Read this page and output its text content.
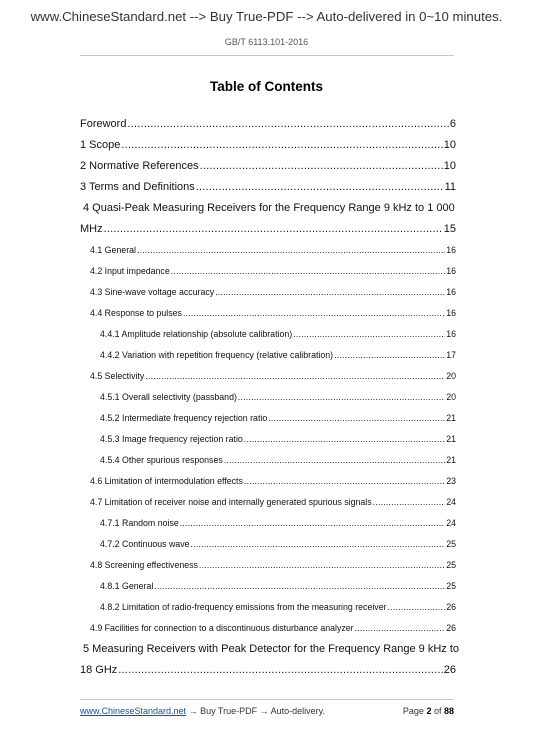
www.ChineseStandard.net --> Buy True-PDF --> Auto-delivered in 0~10 minutes.
GB/T 6113.101-2016
Table of Contents
Foreword .....	6
1 Scope .....	10
2 Normative References .....	10
3 Terms and Definitions .....	11
4 Quasi-Peak Measuring Receivers for the Frequency Range 9 kHz to 1 000
MHz .....	15
4.1 General .....	16
4.2 Input impedance .....	16
4.3 Sine-wave voltage accuracy .....	16
4.4 Response to pulses .....	16
4.4.1 Amplitude relationship (absolute calibration) .....	16
4.4.2 Variation with repetition frequency (relative calibration) .....	17
4.5 Selectivity .....	20
4.5.1 Overall selectivity (passband) .....	20
4.5.2 Intermediate frequency rejection ratio .....	21
4.5.3 Image frequency rejection ratio .....	21
4.5.4 Other spurious responses .....	21
4.6 Limitation of intermodulation effects .....	23
4.7 Limitation of receiver noise and internally generated spurious signals .....	24
4.7.1 Random noise .....	24
4.7.2 Continuous wave .....	25
4.8 Screening effectiveness .....	25
4.8.1 General .....	25
4.8.2 Limitation of radio-frequency emissions from the measuring receiver .....	26
4.9 Facilities for connection to a discontinuous disturbance analyzer .....	26
5 Measuring Receivers with Peak Detector for the Frequency Range 9 kHz to
18 GHz .....	26
www.ChineseStandard.net → Buy True-PDF → Auto-delivery.	Page 2 of 88
